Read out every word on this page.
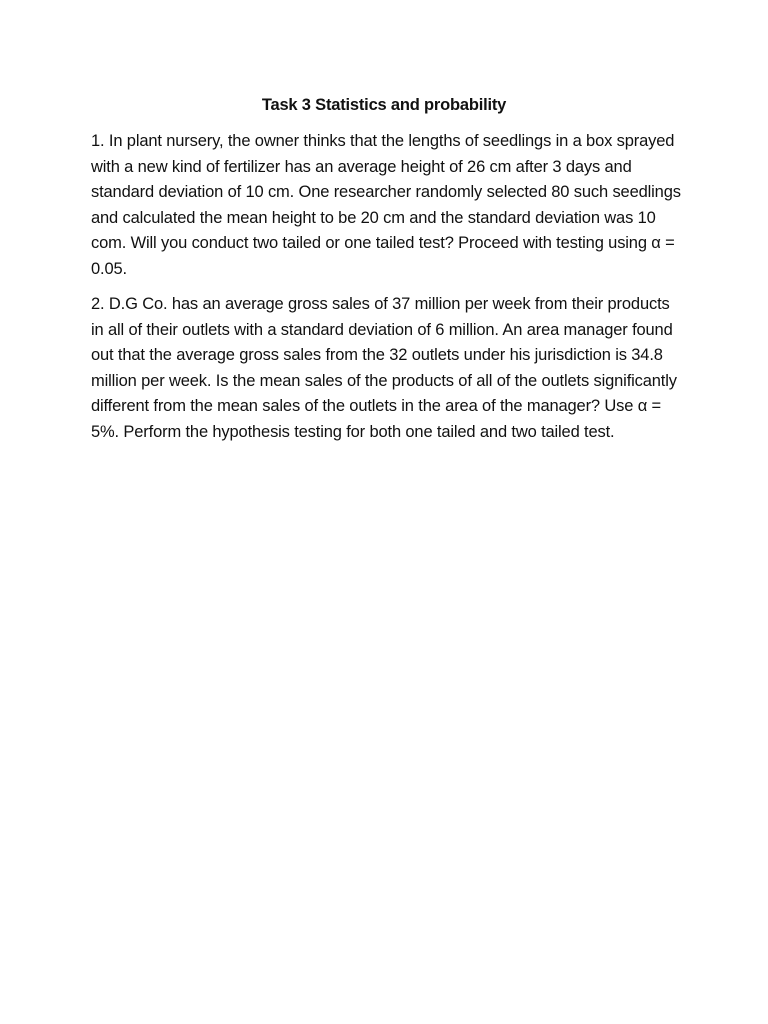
Task 3 Statistics and probability

1. In plant nursery, the owner thinks that the lengths of seedlings in a box sprayed with a new kind of fertilizer has an average height of 26 cm after 3 days and standard deviation of 10 cm. One researcher randomly selected 80 such seedlings and calculated the mean height to be 20 cm and the standard deviation was 10 com. Will you conduct two tailed or one tailed test? Proceed with testing using α = 0.05.

2. D.G Co. has an average gross sales of 37 million per week from their products in all of their outlets with a standard deviation of 6 million. An area manager found out that the average gross sales from the 32 outlets under his jurisdiction is 34.8 million per week. Is the mean sales of the products of all of the outlets significantly different from the mean sales of the outlets in the area of the manager? Use α = 5%. Perform the hypothesis testing for both one tailed and two tailed test.
